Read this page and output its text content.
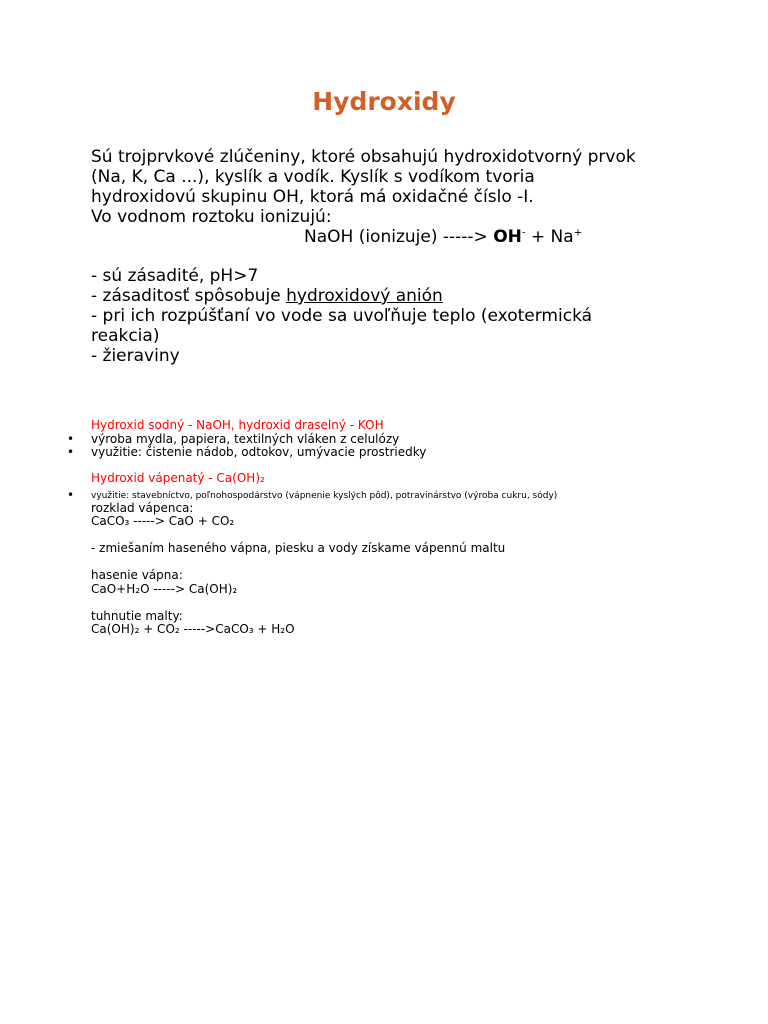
Hydroxidy

Sú trojprvkové zlúčeniny, ktoré obsahujú hydroxidotvorný prvok

(Na, K, Ca ...), kyslík a vodík. Kyslík s vodíkom tvoria

hydroxidovú skupinu OH, ktorá má oxidačné číslo -I.

Vo vodnom roztoku ionizujú:

NaOH (ionizuje) -----> OH- + Na+

- sú zásadité, pH>7

- zásaditosť spôsobuje hydroxidový anión

- pri ich rozpúšťaní vo vode sa uvoľňuje teplo (exotermická

reakcia)

- žieraviny

Hydroxid sodný - NaOH, hydroxid draselný - KOH

• výroba mydla, papiera, textilných vláken z celulózy

• využitie: čistenie nádob, odtokov, umývacie prostriedky

Hydroxid vápenatý - Ca(OH)₂

• využitie: stavebníctvo, poľnohospodárstvo (vápnenie kyslých pôd), potravinárstvo (výroba cukru, sódy)

rozklad vápenca:

CaCO₃ -----> CaO + CO₂

- zmiešaním haseného vápna, piesku a vody získame vápennú maltu

hasenie vápna:

CaO+H₂O -----> Ca(OH)₂

tuhnutie malty:

Ca(OH)₂ + CO₂ ----->CaCO₃ + H₂O
